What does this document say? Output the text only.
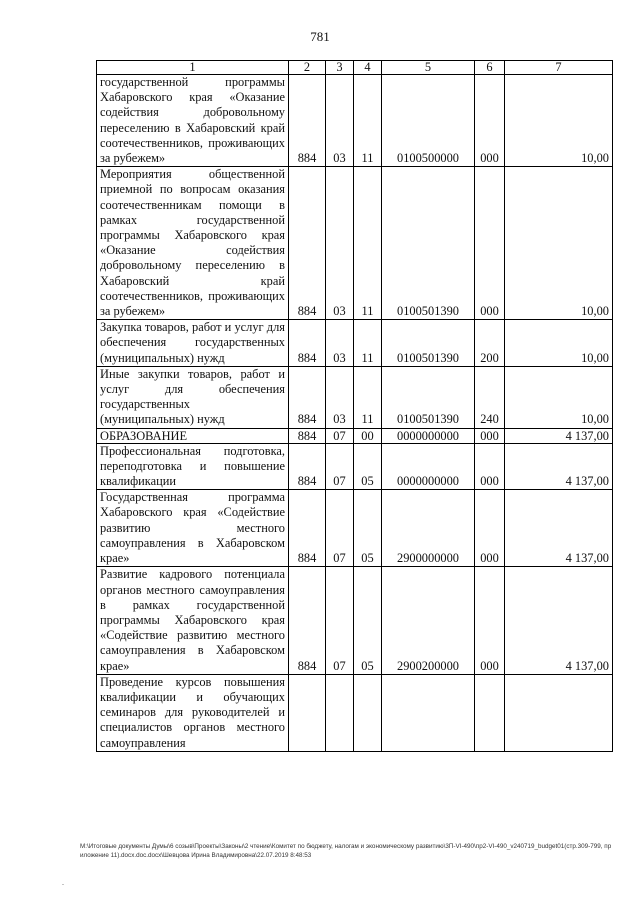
781
1	2	3	4	5	6	7
государственной программы Хабаровского края «Оказание содействия добровольному переселению в Хабаровский край соотечественников, проживающих за рубежем»	884	03	11	0100500000	000	10,00
Мероприятия общественной приемной по вопросам оказания соотечественникам помощи в рамках государственной программы Хабаровского края «Оказание содействия добровольному переселению в Хабаровский край соотечественников, проживающих за рубежем»	884	03	11	0100501390	000	10,00
Закупка товаров, работ и услуг для обеспечения государственных (муниципальных) нужд	884	03	11	0100501390	200	10,00
Иные закупки товаров, работ и услуг для обеспечения государственных (муниципальных) нужд	884	03	11	0100501390	240	10,00
ОБРАЗОВАНИЕ	884	07	00	0000000000	000	4 137,00
Профессиональная подготовка, переподготовка и повышение квалификации	884	07	05	0000000000	000	4 137,00
Государственная программа Хабаровского края «Содействие развитию местного самоуправления в Хабаровском крае»	884	07	05	2900000000	000	4 137,00
Развитие кадрового потенциала органов местного самоуправления в рамках государственной программы Хабаровского края «Содействие развитию местного самоуправления в Хабаровском крае»	884	07	05	2900200000	000	4 137,00
Проведение курсов повышения квалификации и обучающих семинаров для руководителей и специалистов органов местного самоуправления						
M:\Итоговые документы Думы\6 созыв\Проекты\Законы\2 чтение\Комитет по бюджету, налогам и экономическому развитию\3П-VI-490\пр2-VI-490_v240719_budget01(стр.309-799, приложение 11).docx.doc.docx\Шевцова Ирина Владимировна\22.07.2019 8:48:53
.
